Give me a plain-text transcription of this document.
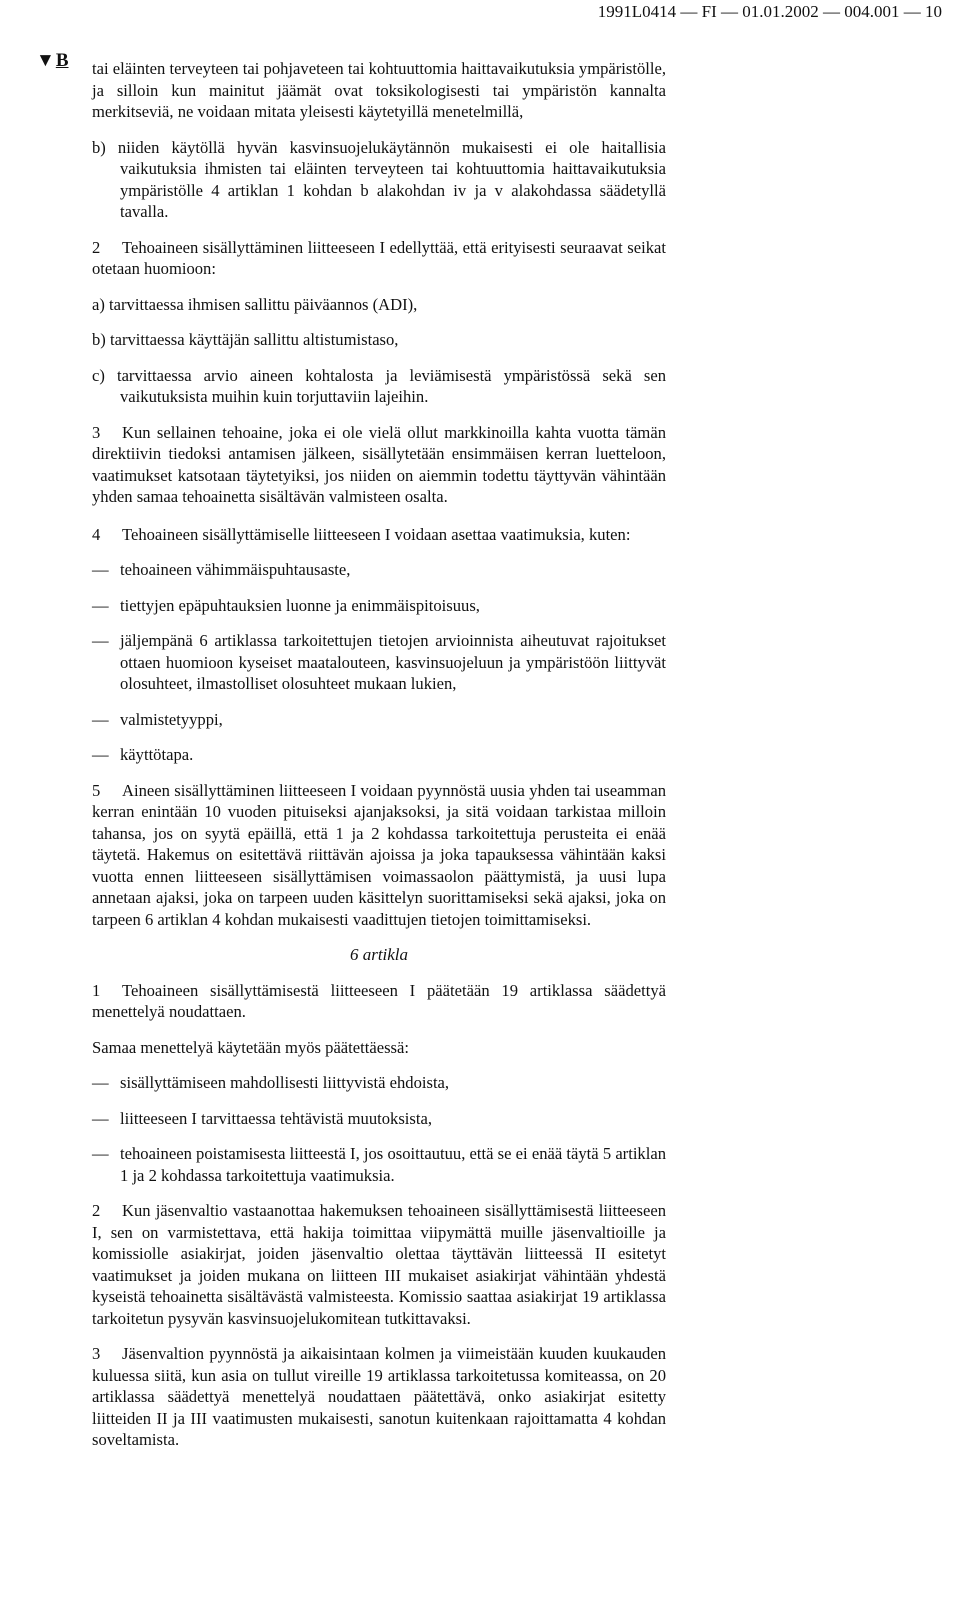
1991L0414 — FI — 01.01.2002 — 004.001 — 10
▼B tai eläinten terveyteen tai pohjaveteen tai kohtuuttomia haittavaikutuksia ympäristölle, ja silloin kun mainitut jäämät ovat toksikologisesti tai ympäristön kannalta merkitseviä, ne voidaan mitata yleisesti käytetyillä menetelmillä,

b) niiden käytöllä hyvän kasvinsuojelukäytännön mukaisesti ei ole haitallisia vaikutuksia ihmisten tai eläinten terveyteen tai kohtuuttomia haittavaikutuksia ympäristölle 4 artiklan 1 kohdan b alakohdan iv ja v alakohdassa säädetyllä tavalla.

2 Tehoaineen sisällyttäminen liitteeseen I edellyttää, että erityisesti seuraavat seikat otetaan huomioon:

a) tarvittaessa ihmisen sallittu päiväannos (ADI),

b) tarvittaessa käyttäjän sallittu altistumistaso,

c) tarvittaessa arvio aineen kohtalosta ja leviämisestä ympäristössä sekä sen vaikutuksista muihin kuin torjuttaviin lajeihin.

3 Kun sellainen tehoaine, joka ei ole vielä ollut markkinoilla kahta vuotta tämän direktiivin tiedoksi antamisen jälkeen, sisällytetään ensimmäisen kerran luetteloon, vaatimukset katsotaan täytetyiksi, jos niiden on aiemmin todettu täyttyvän vähintään yhden samaa tehoainetta sisältävän valmisteen osalta.

4 Tehoaineen sisällyttämiselle liitteeseen I voidaan asettaa vaatimuksia, kuten:

— tehoaineen vähimmäispuhtausaste,

— tiettyjen epäpuhtauksien luonne ja enimmäispitoisuus,

— jäljempänä 6 artiklassa tarkoitettujen tietojen arvioinnista aiheutuvat rajoitukset ottaen huomioon kyseiset maatalouteen, kasvinsuojeluun ja ympäristöön liittyvät olosuhteet, ilmastolliset olosuhteet mukaan lukien,

— valmistetyyppi,

— käyttötapa.

5 Aineen sisällyttäminen liitteeseen I voidaan pyynnöstä uusia yhden tai useamman kerran enintään 10 vuoden pituiseksi ajanjaksoksi, ja sitä voidaan tarkistaa milloin tahansa, jos on syytä epäillä, että 1 ja 2 kohdassa tarkoitettuja perusteita ei enää täytetä. Hakemus on esitettävä riittävän ajoissa ja joka tapauksessa vähintään kaksi vuotta ennen liitteeseen sisällyttämisen voimassaolon päättymistä, ja uusi lupa annetaan ajaksi, joka on tarpeen uuden käsittelyn suorittamiseksi sekä ajaksi, joka on tarpeen 6 artiklan 4 kohdan mukaisesti vaadittujen tietojen toimittamiseksi.

6 artikla

1 Tehoaineen sisällyttämisestä liitteeseen I päätetään 19 artiklassa säädettyä menettelyä noudattaen.

Samaa menettelyä käytetään myös päätettäessä:

— sisällyttämiseen mahdollisesti liittyvistä ehdoista,

— liitteeseen I tarvittaessa tehtävistä muutoksista,

— tehoaineen poistamisesta liitteestä I, jos osoittautuu, että se ei enää täytä 5 artiklan 1 ja 2 kohdassa tarkoitettuja vaatimuksia.

2 Kun jäsenvaltio vastaanottaa hakemuksen tehoaineen sisällyttämisestä liitteeseen I, sen on varmistettava, että hakija toimittaa viipymättä muille jäsenvaltioille ja komissiolle asiakirjat, joiden jäsenvaltio olettaa täyttävän liitteessä II esitetyt vaatimukset ja joiden mukana on liitteen III mukaiset asiakirjat vähintään yhdestä kyseistä tehoainetta sisältävästä valmisteesta. Komissio saattaa asiakirjat 19 artiklassa tarkoitetun pysyvän kasvinsuojelukomitean tutkittavaksi.

3 Jäsenvaltion pyynnöstä ja aikaisintaan kolmen ja viimeistään kuuden kuukauden kuluessa siitä, kun asia on tullut vireille 19 artiklassa tarkoitetussa komiteassa, on 20 artiklassa säädettyä menettelyä noudattaen päätettävä, onko asiakirjat esitetty liitteiden II ja III vaatimusten mukaisesti, sanotun kuitenkaan rajoittamatta 4 kohdan soveltamista.
